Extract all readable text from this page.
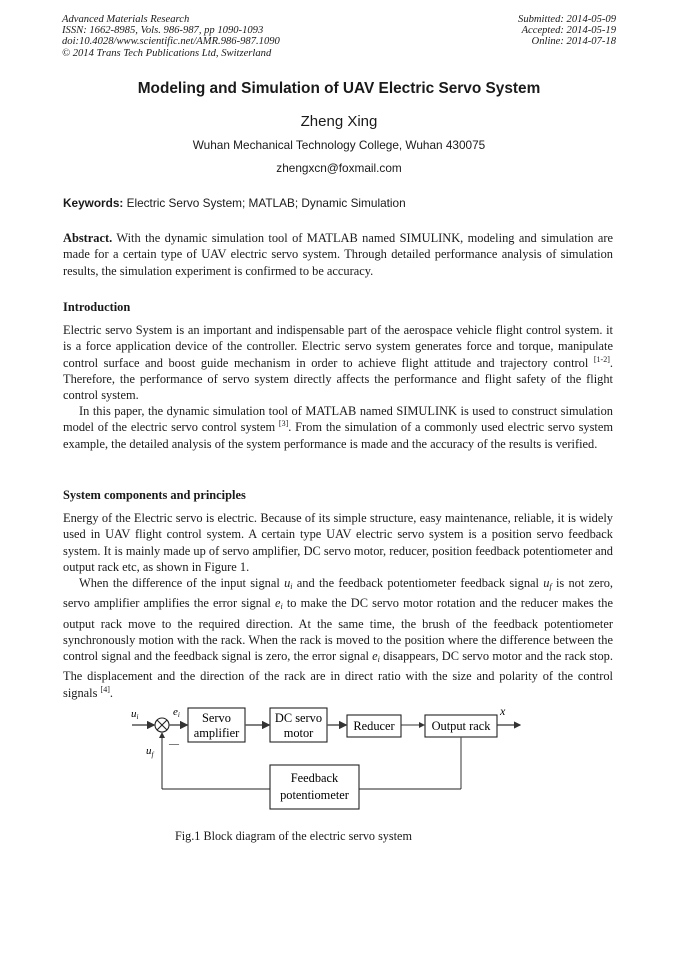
Advanced Materials Research
ISSN: 1662-8985, Vols. 986-987, pp 1090-1093
doi:10.4028/www.scientific.net/AMR.986-987.1090
© 2014 Trans Tech Publications Ltd, Switzerland
Submitted: 2014-05-09
Accepted: 2014-05-19
Online: 2014-07-18
Modeling and Simulation of UAV Electric Servo System
Zheng Xing
Wuhan Mechanical Technology College, Wuhan 430075
zhengxcn@foxmail.com
Keywords: Electric Servo System; MATLAB; Dynamic Simulation
Abstract. With the dynamic simulation tool of MATLAB named SIMULINK, modeling and simulation are made for a certain type of UAV electric servo system. Through detailed performance analysis of simulation results, the simulation experiment is confirmed to be accuracy.
Introduction
Electric servo System is an important and indispensable part of the aerospace vehicle flight control system. it is a force application device of the controller. Electric servo system generates force and torque, manipulate control surface and boost guide mechanism in order to achieve flight attitude and trajectory control [1-2]. Therefore, the performance of servo system directly affects the performance and flight safety of the flight control system.
In this paper, the dynamic simulation tool of MATLAB named SIMULINK is used to construct simulation model of the electric servo control system [3]. From the simulation of a commonly used electric servo system example, the detailed analysis of the system performance is made and the accuracy of the results is verified.
System components and principles
Energy of the Electric servo is electric. Because of its simple structure, easy maintenance, reliable, it is widely used in UAV flight control system. A certain type UAV electric servo system is a position servo feedback system. It is mainly made up of servo amplifier, DC servo motor, reducer, position feedback potentiometer and output rack etc, as shown in Figure 1.
When the difference of the input signal $u_i$ and the feedback potentiometer feedback signal $u_f$ is not zero, servo amplifier amplifies the error signal $e_i$ to make the DC servo motor rotation and the reducer makes the output rack move to the required direction. At the same time, the brush of the feedback potentiometer synchronously motion with the rack. When the rack is moved to the position where the difference between the control signal and the feedback signal is zero, the error signal $e_i$ disappears, DC servo motor and the rack stop. The displacement and the direction of the rack are in direct ratio with the size and polarity of the control signals [4].
ui	ei
—
$u_f$
Servo
amplifier
DC servo
motor	Reducer	Output rack
x
Feedback
potentiometer
Fig.1 Block diagram of the electric servo system
